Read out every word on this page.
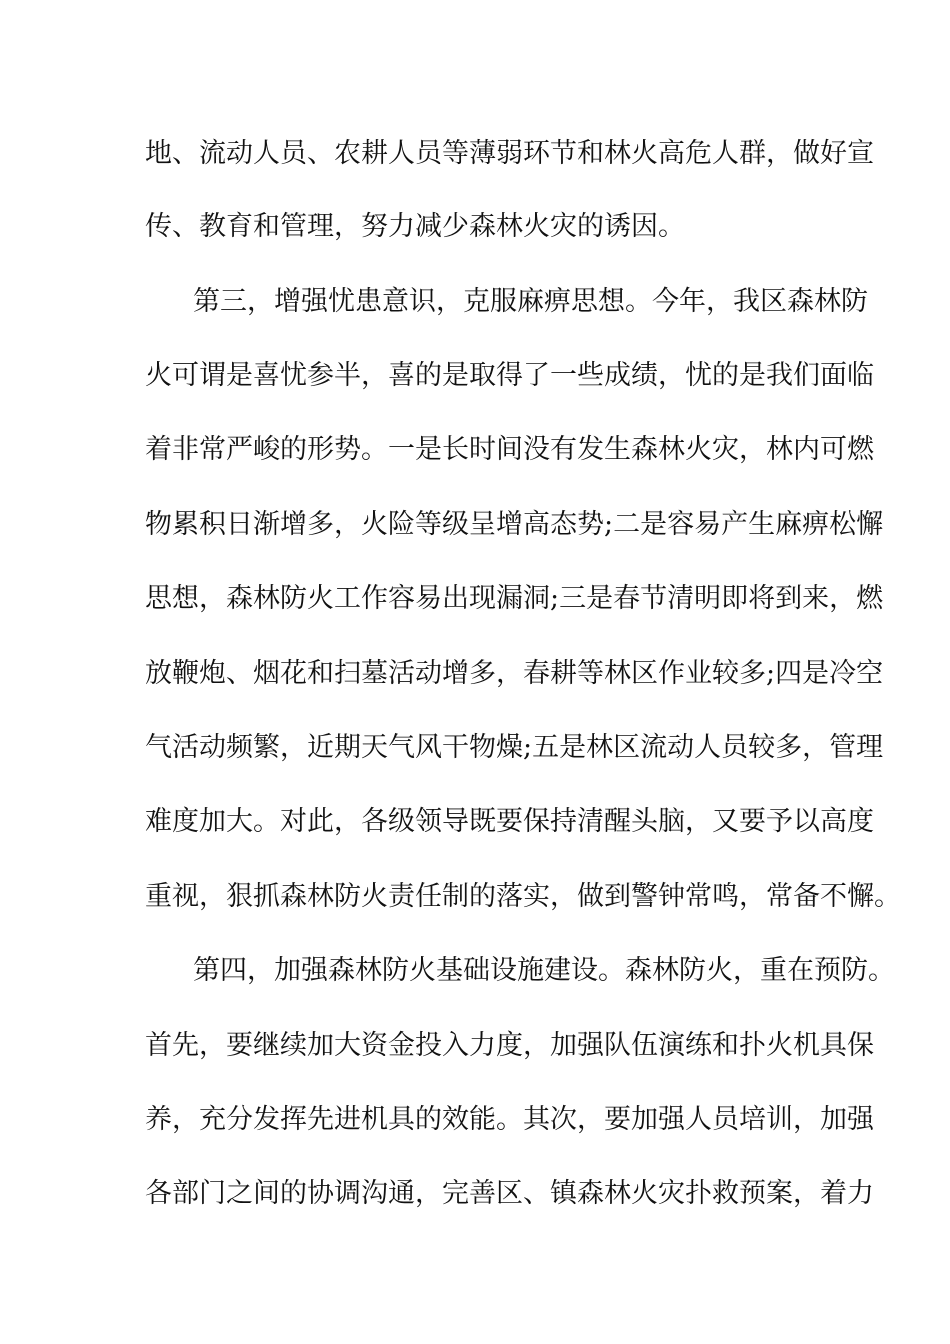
地、流动人员、农耕人员等薄弱环节和林火高危人群，做好宣

传、教育和管理，努力减少森林火灾的诱因。

第三，增强忧患意识，克服麻痹思想。今年，我区森林防

火可谓是喜忧参半，喜的是取得了一些成绩，忧的是我们面临

着非常严峻的形势。一是长时间没有发生森林火灾，林内可燃

物累积日渐增多，火险等级呈增高态势;二是容易产生麻痹松懈

思想，森林防火工作容易出现漏洞;三是春节清明即将到来，燃

放鞭炮、烟花和扫墓活动增多，春耕等林区作业较多;四是冷空

气活动频繁，近期天气风干物燥;五是林区流动人员较多，管理

难度加大。对此，各级领导既要保持清醒头脑，又要予以高度

重视，狠抓森林防火责任制的落实，做到警钟常鸣，常备不懈。

第四，加强森林防火基础设施建设。森林防火，重在预防。

首先，要继续加大资金投入力度，加强队伍演练和扑火机具保

养，充分发挥先进机具的效能。其次，要加强人员培训，加强

各部门之间的协调沟通，完善区、镇森林火灾扑救预案，着力
